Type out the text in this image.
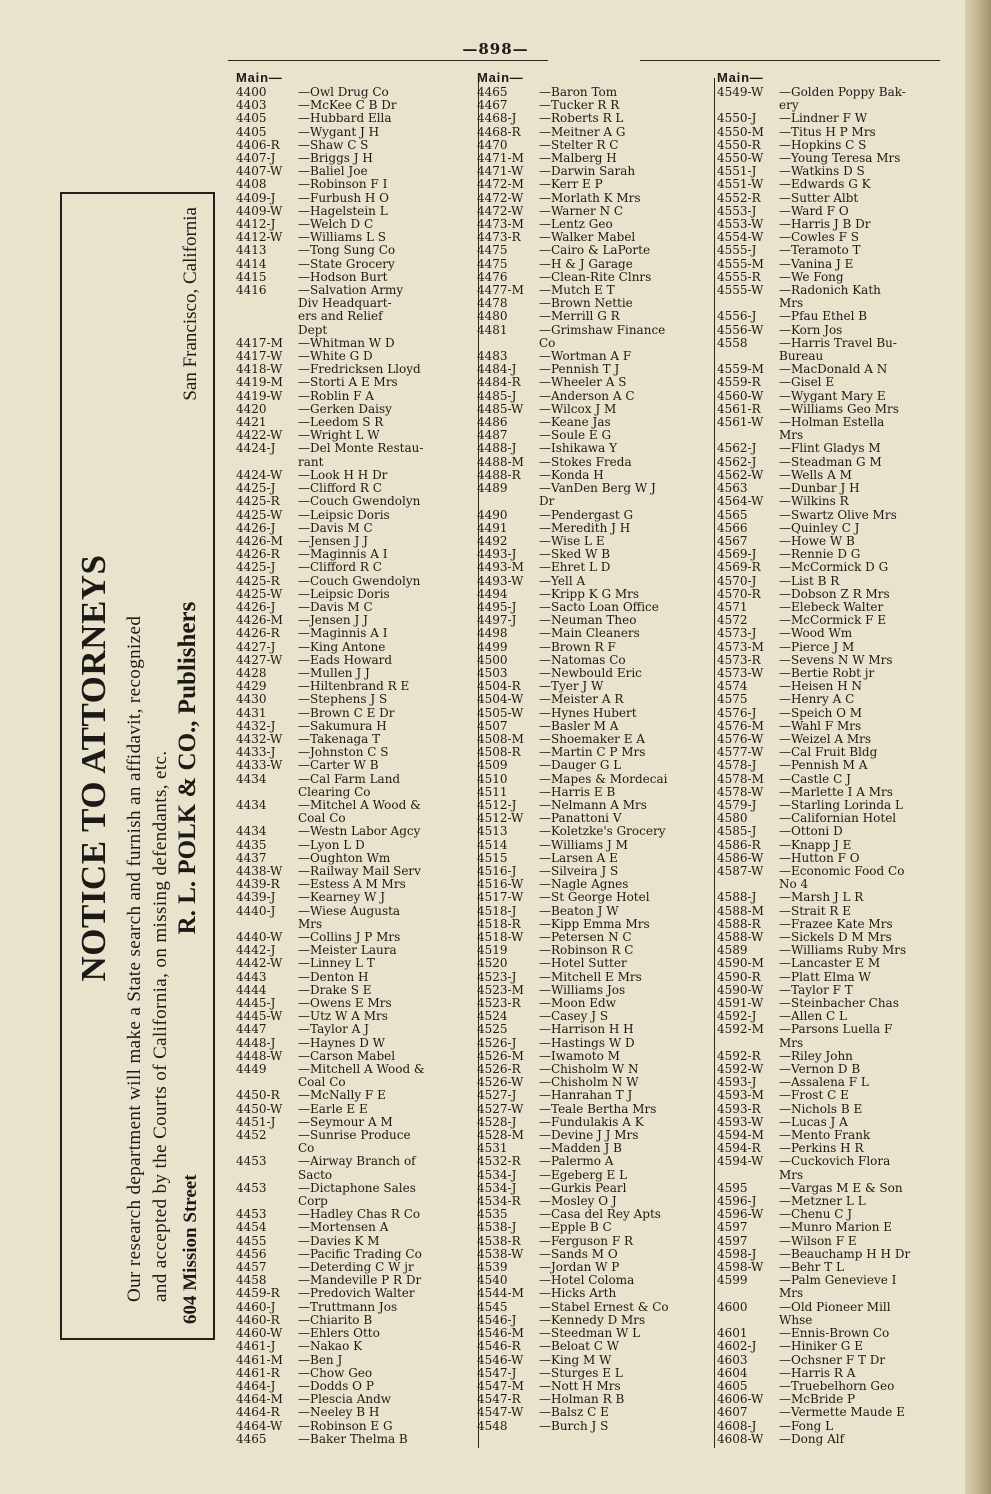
—898—
NOTICE TO ATTORNEYS Our research department will make a State search and furnish an affidavit, recognized and accepted by the Courts of California, on missing defendants, etc. 604 Mission Street
R. L. POLK & CO., Publishers
San Francisco, California
Main—
4400	—Owl Drug Co
4403	—McKee C B Dr
4405	—Hubbard Ella
4405	—Wygant J H
4406-R	—Shaw C S
4407-J	—Briggs J H
4407-W	—Baliel Joe
4408	—Robinson F I
4409-J	—Furbush H O
4409-W	—Hagelstein L
4412-J	—Welch D C
4412-W	—Williams L S
4413	—Tong Sung Co
4414	—State Grocery
4415	—Hodson Burt
4416	—Salvation Army
Div Headquart-
ers and Relief
Dept
4417-M	—Whitman W D
4417-W	—White G D
4418-W	—Fredricksen Lloyd
4419-M	—Storti A E Mrs
4419-W	—Roblin F A
4420	—Gerken Daisy
4421	—Leedom S R
4422-W	—Wright L W
4424-J	—Del Monte Restau-
rant
4424-W	—Look H H Dr
4425-J	—Clifford R C
4425-R	—Couch Gwendolyn
4425-W	—Leipsic Doris
4426-J	—Davis M C
4426-M	—Jensen J J
4426-R	—Maginnis A I
4425-J	—Clifford R C
4425-R	—Couch Gwendolyn
4425-W	—Leipsic Doris
4426-J	—Davis M C
4426-M	—Jensen J J
4426-R	—Maginnis A I
4427-J	—King Antone
4427-W	—Eads Howard
4428	—Mullen J J
4429	—Hiltenbrand R E
4430	—Stephens J S
4431	—Brown C E Dr
4432-J	—Sakumura H
4432-W	—Takenaga T
4433-J	—Johnston C S
4433-W	—Carter W B
4434	—Cal Farm Land
Clearing Co
4434	—Mitchel A Wood &
Coal Co
4434	—Westn Labor Agcy
4435	—Lyon L D
4437	—Oughton Wm
4438-W	—Railway Mail Serv
4439-R	—Estess A M Mrs
4439-J	—Kearney W J
4440-J	—Wiese Augusta
Mrs
4440-W	—Collins J P Mrs
4442-J	—Meister Laura
4442-W	—Linney L T
4443	—Denton H
4444	—Drake S E
4445-J	—Owens E Mrs
4445-W	—Utz W A Mrs
4447	—Taylor A J
4448-J	—Haynes D W
4448-W	—Carson Mabel
4449	—Mitchell A Wood &
Coal Co
4450-R	—McNally F E
4450-W	—Earle E E
4451-J	—Seymour A M
4452	—Sunrise Produce
Co
4453	—Airway Branch of
Sacto
4453	—Dictaphone Sales
Corp
4453	—Hadley Chas R Co
4454	—Mortensen A
4455	—Davies K M
4456	—Pacific Trading Co
4457	—Deterding C W jr
4458	—Mandeville P R Dr
4459-R	—Predovich Walter
4460-J	—Truttmann Jos
4460-R	—Chiarito B
4460-W	—Ehlers Otto
4461-J	—Nakao K
4461-M	—Ben J
4461-R	—Chow Geo
4464-J	—Dodds O P
4464-M	—Plescia Andw
4464-R	—Neeley B H
4464-W	—Robinson E G
4465	—Baker Thelma B
Main—
4465	—Baron Tom
4467	—Tucker R R
4468-J	—Roberts R L
4468-R	—Meitner A G
4470	—Stelter R C
4471-M	—Malberg H
4471-W	—Darwin Sarah
4472-M	—Kerr E P
4472-W	—Morlath K Mrs
4472-W	—Warner N C
4473-M	—Lentz Geo
4473-R	—Walker Mabel
4475	—Cairo & LaPorte
4475	—H & J Garage
4476	—Clean-Rite Clnrs
4477-M	—Mutch E T
4478	—Brown Nettie
4480	—Merrill G R
4481	—Grimshaw Finance
Co
4483	—Wortman A F
4484-J	—Pennish T J
4484-R	—Wheeler A S
4485-J	—Anderson A C
4485-W	—Wilcox J M
4486	—Keane Jas
4487	—Soule E G
4488-J	—Ishikawa Y
4488-M	—Stokes Freda
4488-R	—Konda H
4489	—VanDen Berg W J
Dr
4490	—Pendergast G
4491	—Meredith J H
4492	—Wise L E
4493-J	—Sked W B
4493-M	—Ehret L D
4493-W	—Yell A
4494	—Kripp K G Mrs
4495-J	—Sacto Loan Office
4497-J	—Neuman Theo
4498	—Main Cleaners
4499	—Brown R F
4500	—Natomas Co
4503	—Newbould Eric
4504-R	—Tyer J W
4504-W	—Meister A R
4505-W	—Hynes Hubert
4507	—Basler M A
4508-M	—Shoemaker E A
4508-R	—Martin C P Mrs
4509	—Dauger G L
4510	—Mapes & Mordecai
4511	—Harris E B
4512-J	—Nelmann A Mrs
4512-W	—Panattoni V
4513	—Koletzke's Grocery
4514	—Williams J M
4515	—Larsen A E
4516-J	—Silveira J S
4516-W	—Nagle Agnes
4517-W	—St George Hotel
4518-J	—Beaton J W
4518-R	—Kipp Emma Mrs
4518-W	—Petersen N C
4519	—Robinson R C
4520	—Hotel Sutter
4523-J	—Mitchell E Mrs
4523-M	—Williams Jos
4523-R	—Moon Edw
4524	—Casey J S
4525	—Harrison H H
4526-J	—Hastings W D
4526-M	—Iwamoto M
4526-R	—Chisholm W N
4526-W	—Chisholm N W
4527-J	—Hanrahan T J
4527-W	—Teale Bertha Mrs
4528-J	—Fundulakis A K
4528-M	—Devine J J Mrs
4531	—Madden J B
4532-R	—Palermo A
4534-J	—Egeberg E L
4534-J	—Gurkis Pearl
4534-R	—Mosley O J
4535	—Casa del Rey Apts
4538-J	—Epple B C
4538-R	—Ferguson F R
4538-W	—Sands M O
4539	—Jordan W P
4540	—Hotel Coloma
4544-M	—Hicks Arth
4545	—Stabel Ernest & Co
4546-J	—Kennedy D Mrs
4546-M	—Steedman W L
4546-R	—Beloat C W
4546-W	—King M W
4547-J	—Sturges E L
4547-M	—Nott H Mrs
4547-R	—Holman R B
4547-W	—Balsz C E
4548	—Burch J S
Main—
4549-W	—Golden Poppy Bak-
ery
4550-J	—Lindner F W
4550-M	—Titus H P Mrs
4550-R	—Hopkins C S
4550-W	—Young Teresa Mrs
4551-J	—Watkins D S
4551-W	—Edwards G K
4552-R	—Sutter Albt
4553-J	—Ward F O
4553-W	—Harris J B Dr
4554-W	—Cowles F S
4555-J	—Teramoto T
4555-M	—Vanina J E
4555-R	—We Fong
4555-W	—Radonich Kath
Mrs
4556-J	—Pfau Ethel B
4556-W	—Korn Jos
4558	—Harris Travel Bu-
Bureau
4559-M	—MacDonald A N
4559-R	—Gisel E
4560-W	—Wygant Mary E
4561-R	—Williams Geo Mrs
4561-W	—Holman Estella
Mrs
4562-J	—Flint Gladys M
4562-J	—Steadman G M
4562-W	—Wells A M
4563	—Dunbar J H
4564-W	—Wilkins R
4565	—Swartz Olive Mrs
4566	—Quinley C J
4567	—Howe W B
4569-J	—Rennie D G
4569-R	—McCormick D G
4570-J	—List B R
4570-R	—Dobson Z R Mrs
4571	—Elebeck Walter
4572	—McCormick F E
4573-J	—Wood Wm
4573-M	—Pierce J M
4573-R	—Sevens N W Mrs
4573-W	—Bertie Robt jr
4574	—Heisen H N
4575	—Henry A C
4576-J	—Speich O M
4576-M	—Wahl F Mrs
4576-W	—Weizel A Mrs
4577-W	—Cal Fruit Bldg
4578-J	—Pennish M A
4578-M	—Castle C J
4578-W	—Marlette I A Mrs
4579-J	—Starling Lorinda L
4580	—Californian Hotel
4585-J	—Ottoni D
4586-R	—Knapp J E
4586-W	—Hutton F O
4587-W	—Economic Food Co
No 4
4588-J	—Marsh J L R
4588-M	—Strait R E
4588-R	—Frazee Kate Mrs
4588-W	—Sickels D M Mrs
4589	—Williams Ruby Mrs
4590-M	—Lancaster E M
4590-R	—Platt Elma W
4590-W	—Taylor F T
4591-W	—Steinbacher Chas
4592-J	—Allen C L
4592-M	—Parsons Luella F
Mrs
4592-R	—Riley John
4592-W	—Vernon D B
4593-J	—Assalena F L
4593-M	—Frost C E
4593-R	—Nichols B E
4593-W	—Lucas J A
4594-M	—Mento Frank
4594-R	—Perkins H R
4594-W	—Cuckovich Flora
Mrs
4595	—Vargas M E & Son
4596-J	—Metzner L L
4596-W	—Chenu C J
4597	—Munro Marion E
4597	—Wilson F E
4598-J	—Beauchamp H H Dr
4598-W	—Behr T L
4599	—Palm Genevieve I
Mrs
4600	—Old Pioneer Mill
Whse
4601	—Ennis-Brown Co
4602-J	—Hiniker G E
4603	—Ochsner F T Dr
4604	—Harris R A
4605	—Truebelhorn Geo
4606-W	—McBride P
4607	—Vermette Maude E
4608-J	—Fong L
4608-W	—Dong Alf
